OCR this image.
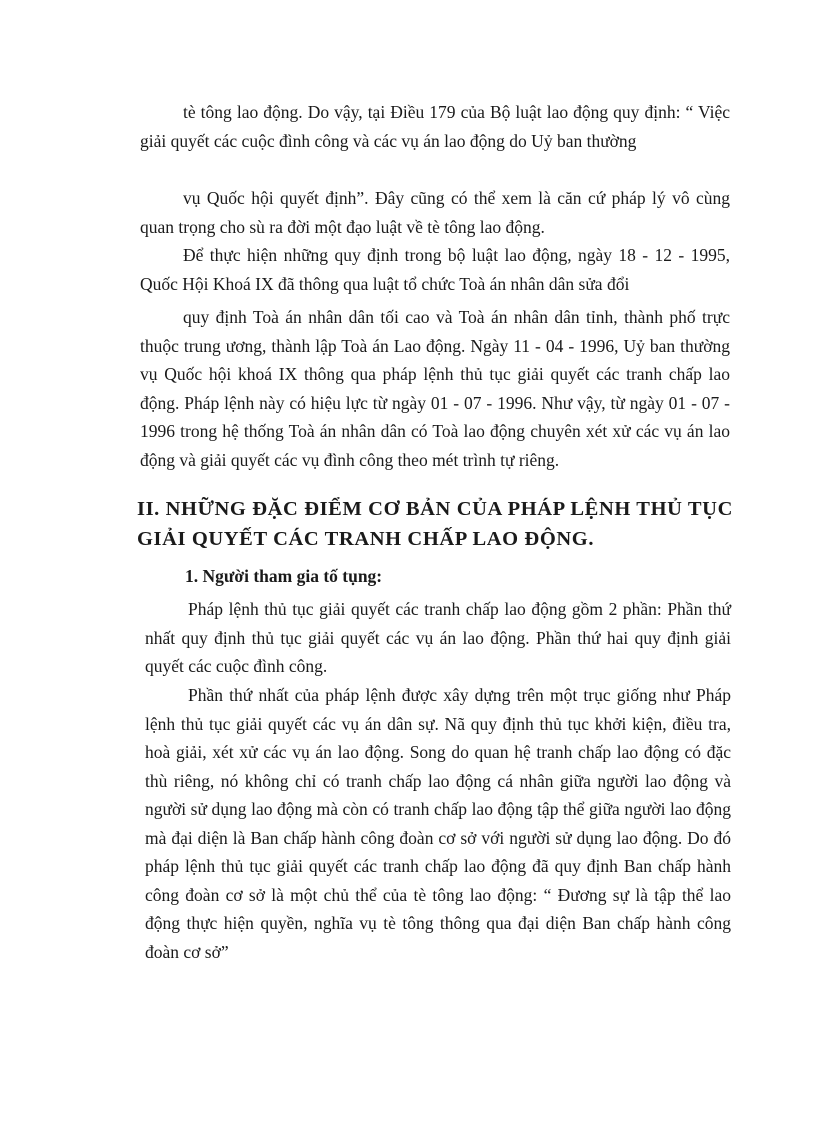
tè tông lao động. Do vậy, tại Điều 179 của Bộ luật lao động quy định: “ Việc giải quyết các cuộc đình công và các vụ án lao động do Uỷ ban thường

vụ Quốc hội quyết định”. Đây cũng có thể xem là căn cứ pháp lý vô cùng quan trọng cho sù ra đời một đạo luật về tè tông lao động.

Để thực hiện những quy định trong bộ luật lao động, ngày 18 - 12 - 1995, Quốc Hội Khoá IX đã thông qua luật tổ chức Toà án nhân dân sửa đổi

quy định Toà án nhân dân tối cao và Toà án nhân dân tỉnh, thành phố trực thuộc trung ương, thành lập Toà án Lao động. Ngày 11 - 04 - 1996, Uỷ ban thường vụ Quốc hội khoá IX thông qua pháp lệnh thủ tục giải quyết các tranh chấp lao động. Pháp lệnh này có hiệu lực từ ngày 01 - 07 - 1996. Như vậy, từ ngày 01 - 07 - 1996 trong hệ thống Toà án nhân dân có Toà lao động chuyên xét xử các vụ án lao động và giải quyết các vụ đình công theo mét trình tự riêng.

II. NHỮNG ĐẶC ĐIỂM CƠ BẢN CỦA PHÁP LỆNH THỦ TỤC GIẢI QUYẾT CÁC TRANH CHẤP LAO ĐỘNG.
1. Người tham gia tố tụng:

Pháp lệnh thủ tục giải quyết các tranh chấp lao động gồm 2 phần: Phần thứ nhất quy định thủ tục giải quyết các vụ án lao động. Phần thứ hai quy định giải quyết các cuộc đình công.

Phần thứ nhất của pháp lệnh được xây dựng trên một trục giống như Pháp lệnh thủ tục giải quyết các vụ án dân sự. Nã quy định thủ tục khởi kiện, điều tra, hoà giải, xét xử các vụ án lao động. Song do quan hệ tranh chấp lao động có đặc thù riêng, nó không chỉ có tranh chấp lao động cá nhân giữa người lao động và người sử dụng lao động mà còn có tranh chấp lao động tập thể giữa người lao động mà đại diện là Ban chấp hành công đoàn cơ sở với người sử dụng lao động. Do đó pháp lệnh thủ tục giải quyết các tranh chấp lao động đã quy định Ban chấp hành công đoàn cơ sở là một chủ thể của tè tông lao động: “ Đương sự là tập thể lao động thực hiện quyền, nghĩa vụ tè tông thông qua đại diện Ban chấp hành công đoàn cơ sở”
